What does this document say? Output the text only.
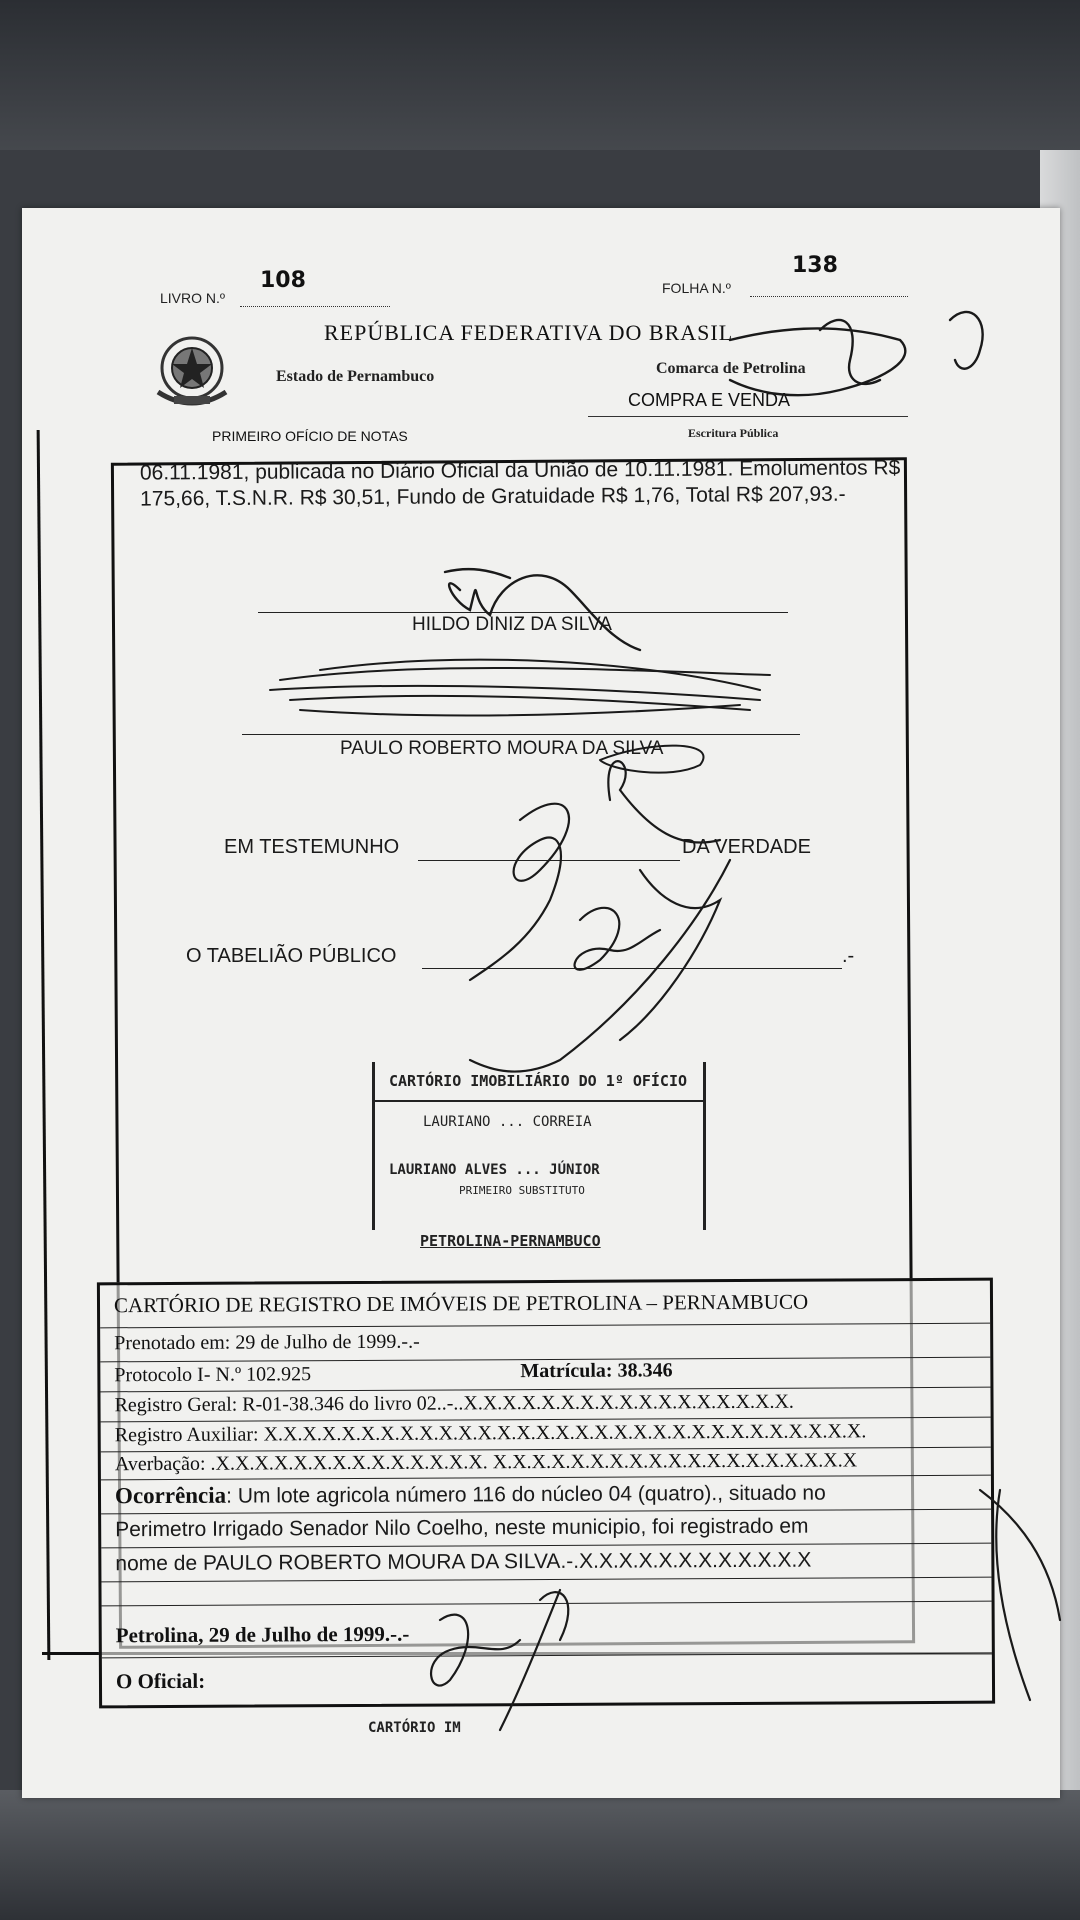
LIVRO N.º
108	FOLHA N.º
138
REPÚBLICA FEDERATIVA DO BRASIL
Estado de Pernambuco	Comarca de Petrolina
COMPRA E VENDA
PRIMEIRO OFÍCIO DE NOTAS	Escritura Pública
06.11.1981, publicada no Diário Oficial da União de 10.11.1981. Emolumentos R$
175,66, T.S.N.R. R$ 30,51, Fundo de Gratuidade R$ 1,76, Total R$ 207,93.-
HILDO DINIZ DA SILVA
PAULO ROBERTO MOURA DA SILVA
EM TESTEMUNHO	DA VERDADE
O TABELIÃO PÚBLICO	.-
CARTÓRIO IMOBILIÁRIO DO 1º OFÍCIO
LAURIANO ... CORREIA
LAURIANO ALVES ... JÚNIOR
PRIMEIRO SUBSTITUTO
PETROLINA-PERNAMBUCO
CARTÓRIO DE REGISTRO DE IMÓVEIS DE PETROLINA – PERNAMBUCO
Prenotado em: 29 de Julho de 1999.-.-
Protocolo I- N.º 102.925	Matrícula: 38.346
Registro Geral: R-01-38.346 do livro 02..-..X.X.X.X.X.X.X.X.X.X.X.X.X.X.X.X.X.
Registro Auxiliar: X.X.X.X.X.X.X.X.X.X.X.X.X.X.X.X.X.X.X.X.X.X.X.X.X.X.X.X.X.X.X.
Averbação: .X.X.X.X.X.X.X.X.X.X.X.X.X.X. X.X.X.X.X.X.X.X.X.X.X.X.X.X.X.X.X.X.X
Ocorrência: Um lote agricola número 116 do núcleo 04 (quatro)., situado no
Perimetro Irrigado Senador Nilo Coelho, neste municipio, foi registrado em
nome de PAULO ROBERTO MOURA DA SILVA.-.X.X.X.X.X.X.X.X.X.X.X.X
Petrolina, 29 de Julho de 1999.-.-
O Oficial:
CARTÓRIO IM
